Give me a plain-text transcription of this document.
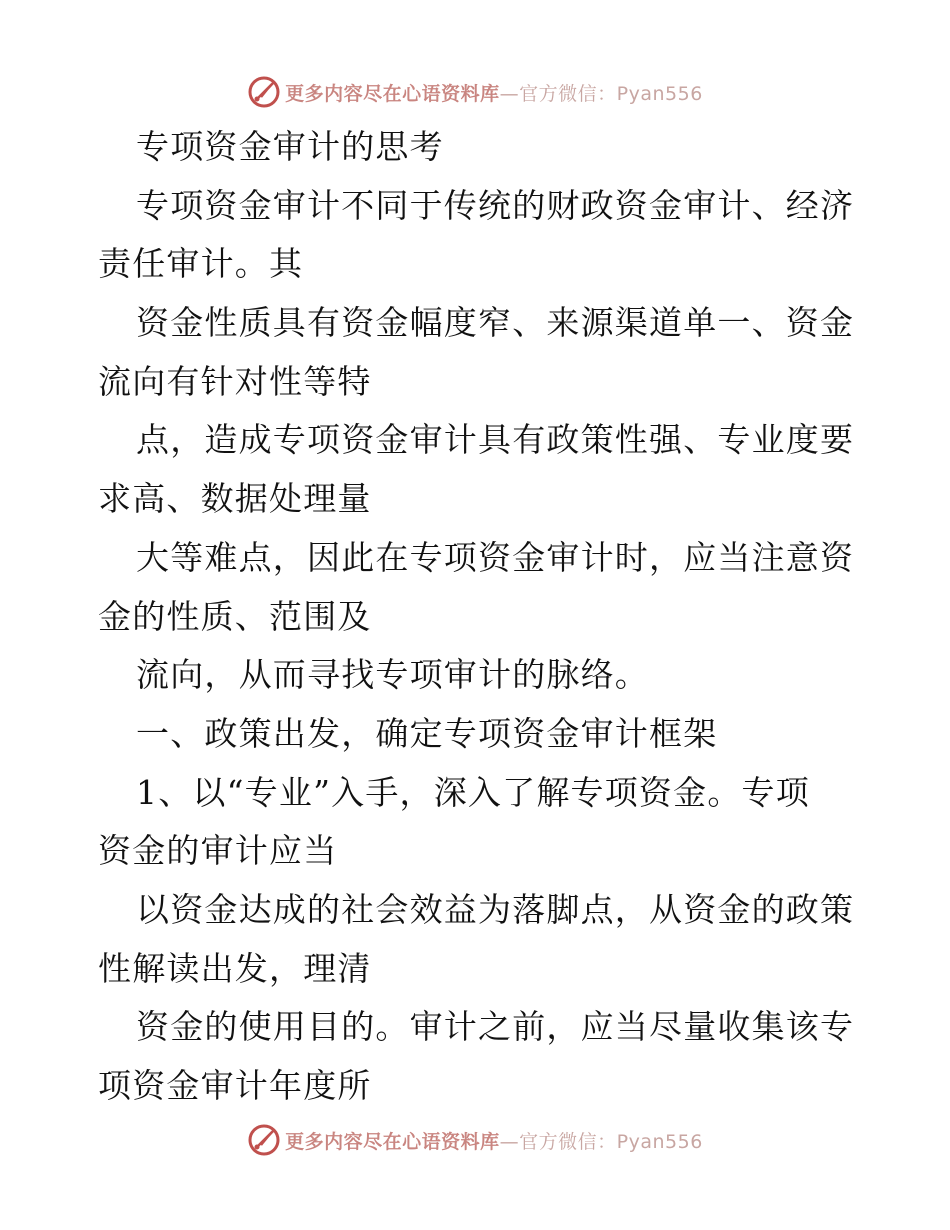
更多内容尽在心语资料库—官方微信：Pyan556
专项资金审计的思考
专项资金审计不同于传统的财政资金审计、经济
责任审计。其
资金性质具有资金幅度窄、来源渠道单一、资金
流向有针对性等特
点，造成专项资金审计具有政策性强、专业度要
求高、数据处理量
大等难点，因此在专项资金审计时，应当注意资
金的性质、范围及
流向，从而寻找专项审计的脉络。
一、政策出发，确定专项资金审计框架
1、以“专业”入手，深入了解专项资金。专项
资金的审计应当
以资金达成的社会效益为落脚点，从资金的政策
性解读出发，理清
资金的使用目的。审计之前，应当尽量收集该专
项资金审计年度所
更多内容尽在心语资料库—官方微信：Pyan556
